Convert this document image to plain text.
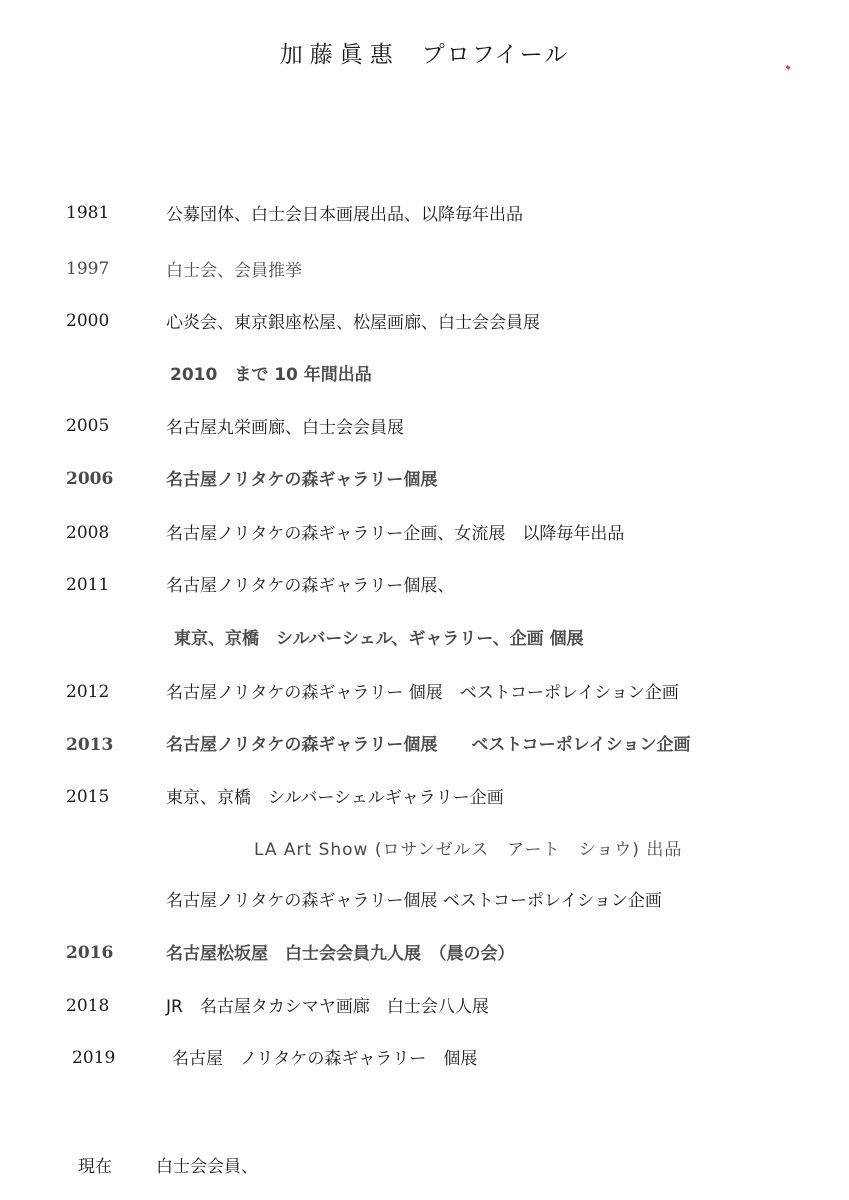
加藤眞惠 プロフイール
1981	公募団体、白士会日本画展出品、以降毎年出品
1997	白士会、会員推挙
2000	心炎会、東京銀座松屋、松屋画廊、白士会会員展
2010　まで 10 年間出品
2005	名古屋丸栄画廊、白士会会員展
2006	名古屋ノリタケの森ギャラリー個展
2008	名古屋ノリタケの森ギャラリー企画、女流展　以降毎年出品
2011	名古屋ノリタケの森ギャラリー個展、
東京、京橋　シルバーシェル、ギャラリー、企画 個展
2012	名古屋ノリタケの森ギャラリー 個展　ベストコーポレイション企画
2013	名古屋ノリタケの森ギャラリー個展　　ベストコーポレイション企画
2015	東京、京橋　シルバーシェルギャラリー企画
LA Art Show (ロサンゼルス　アート　ショウ) 出品
名古屋ノリタケの森ギャラリー個展 ベストコーポレイション企画
2016	名古屋松坂屋　白士会会員九人展　（晨の会）
2018	JR　名古屋タカシマヤ画廊　白士会八人展
2019	名古屋　ノリタケの森ギャラリー　個展
現在	白士会会員、
